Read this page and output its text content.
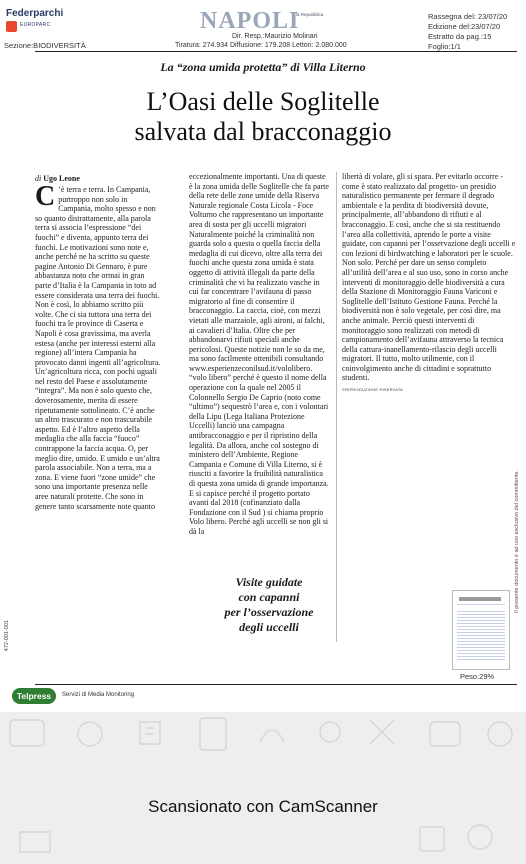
Federparchi
EUROPARC
Sezione:BIODIVERSITÀ
NAPOLI
la Repubblica
Dir. Resp.:Maurizio Molinari
Tiratura: 274.934 Diffusione: 179.208 Lettori: 2.080.000
Rassegna del: 23/07/20
Edizione del:23/07/20
Estratto da pag.:15
Foglio:1/1
La “zona umida protetta” di Villa Literno
L’Oasi delle Soglitelle
salvata dal bracconaggio
di Ugo Leone
C ’è terra e terra. In Campania, purtroppo non solo in Campania, molto spesso e non so quanto distrattamente, alla parola terra si associa l’espressione “dei fuochi” e diventa, appunto terra dei fuochi. Le motivazioni sono note e, anche perché ne ha scritto su queste pagine Antonio Di Gennaro, è pure abbastanza noto che ormai in gran parte d’Italia è la Campania in toto ad essere considerata una terra dei fuochi. Non è così, lo abbiamo scritto più volte. Che ci sia tuttora una terra dei fuochi tra le province di Caserta e Napoli è cosa gravissima, ma averla estesa (anche per interessi esterni alla regione) all’intera Campania ha provocato danni ingenti all’agricoltura. Un’agricoltura ricca, con pochi uguali nel resto del Paese e assolutamente “integra”. Ma non è solo questo che, doverosamente, merita di essere ripetutamente sottolineato. C’è anche un altro trascurato e non trascurabile aspetto. Ed è l’altro aspetto della medaglia che alla faccia “fuoco” contrappone la faccia acqua. O, per meglio dire, umido. E umido e un’altra parola associabile. Non a terra, ma a zona. E viene fuori “zone umide” che sono una importante presenza nelle aree naturali protette. Che sono in genere tanto scarsamente note quanto

eccezionalmente importanti. Una di queste è la zona umida delle Soglitelle che fa parte della rete delle zone umide della Riserva Naturale regionale Costa Licola - Foce Volturno che rappresentano un importante area di sosta per gli uccelli migratori Naturalmente poiché la criminalità non guarda solo a questa o quella faccia della medaglia di cui dicevo, oltre alla terra dei fuochi anche questa zona umida è stata oggetto di attività illegali da parte della criminalità che vi ha realizzato vasche in cui far concentrare l’avifauna di passo migratorio al fine di consentire il bracconaggio. La caccia, cioè, con mezzi vietati alle marzaiole, agli aironi, ai falchi, ai cavalieri d’Italia. Oltre che per abbandonarvi rifiuti speciali anche pericolosi. Queste notizie non le so da me, ma sono facilmente ottenibili consultando www.esperienzeconilsud.it/vololibero. “volo libero” perché è questo il nome della operazione con la quale nel 2005 il Colonnello Sergio De Caprio (noto come “ultimo”) sequestrò l’area e, con i volontari della Lipu (Lega Italiana Protezione Uccelli) lanciò una campagna antibracconaggio e per il ripristino della legalità. Da allora, anche col sostegno di ministero dell’Ambiente, Regione Campania e Comune di Villa Literno, si è riusciti a favorire la fruibilità naturalistica di questa zona umida di grande importanza. E si capisce perché il progetto portato avanti dal 2018 (cofinanziato dalla Fondazione con il Sud ) si chiama proprio Volo libero. Perché agli uccelli se non gli si dà la

Visite guidate
con capanni
per l’osservazione
degli uccelli

libertà di volare, gli si spara. Per evitarlo occorre - come è stato realizzato dal progetto- un presidio naturalistico permanente per fermare il degrado ambientale e la perdita di biodiversità dovute, principalmente, all’abbandono di rifiuti e al bracconaggio. E così, anche che si sta restituendo l’area alla collettività, aprendo le porte a visite guidate, con capanni per l’osservazione degli uccelli e con lezioni di birdwatching e laboratori per le scuole. Non solo. Perché per dare un senso completo all’utilità dell’area e al suo uso, sono in corso anche interventi di monitoraggio delle biodiversità a cura della Stazione di Monitoraggio Fauna Variconi e Soglitelle dell’Istituto Gestione Fauna. Perché la biodiversità non è solo vegetale, per così dire, ma anche animale. Perciò questi interventi di monitoraggio sono realizzati con metodi di campionamento dell’avifauna attraverso la tecnica della cattura-inanellamento-rilascio degli uccelli migratori. Il tutto, molto utilmente, con il coinvolgimento anche di cittadini e soprattutto studenti.

©RIPRODUZIONE RISERVATA
472-001-001
Il presente documento è ad uso esclusivo del committente.
Peso:29%
Telpress	Servizi di Media Monitoring
Scansionato con CamScanner
